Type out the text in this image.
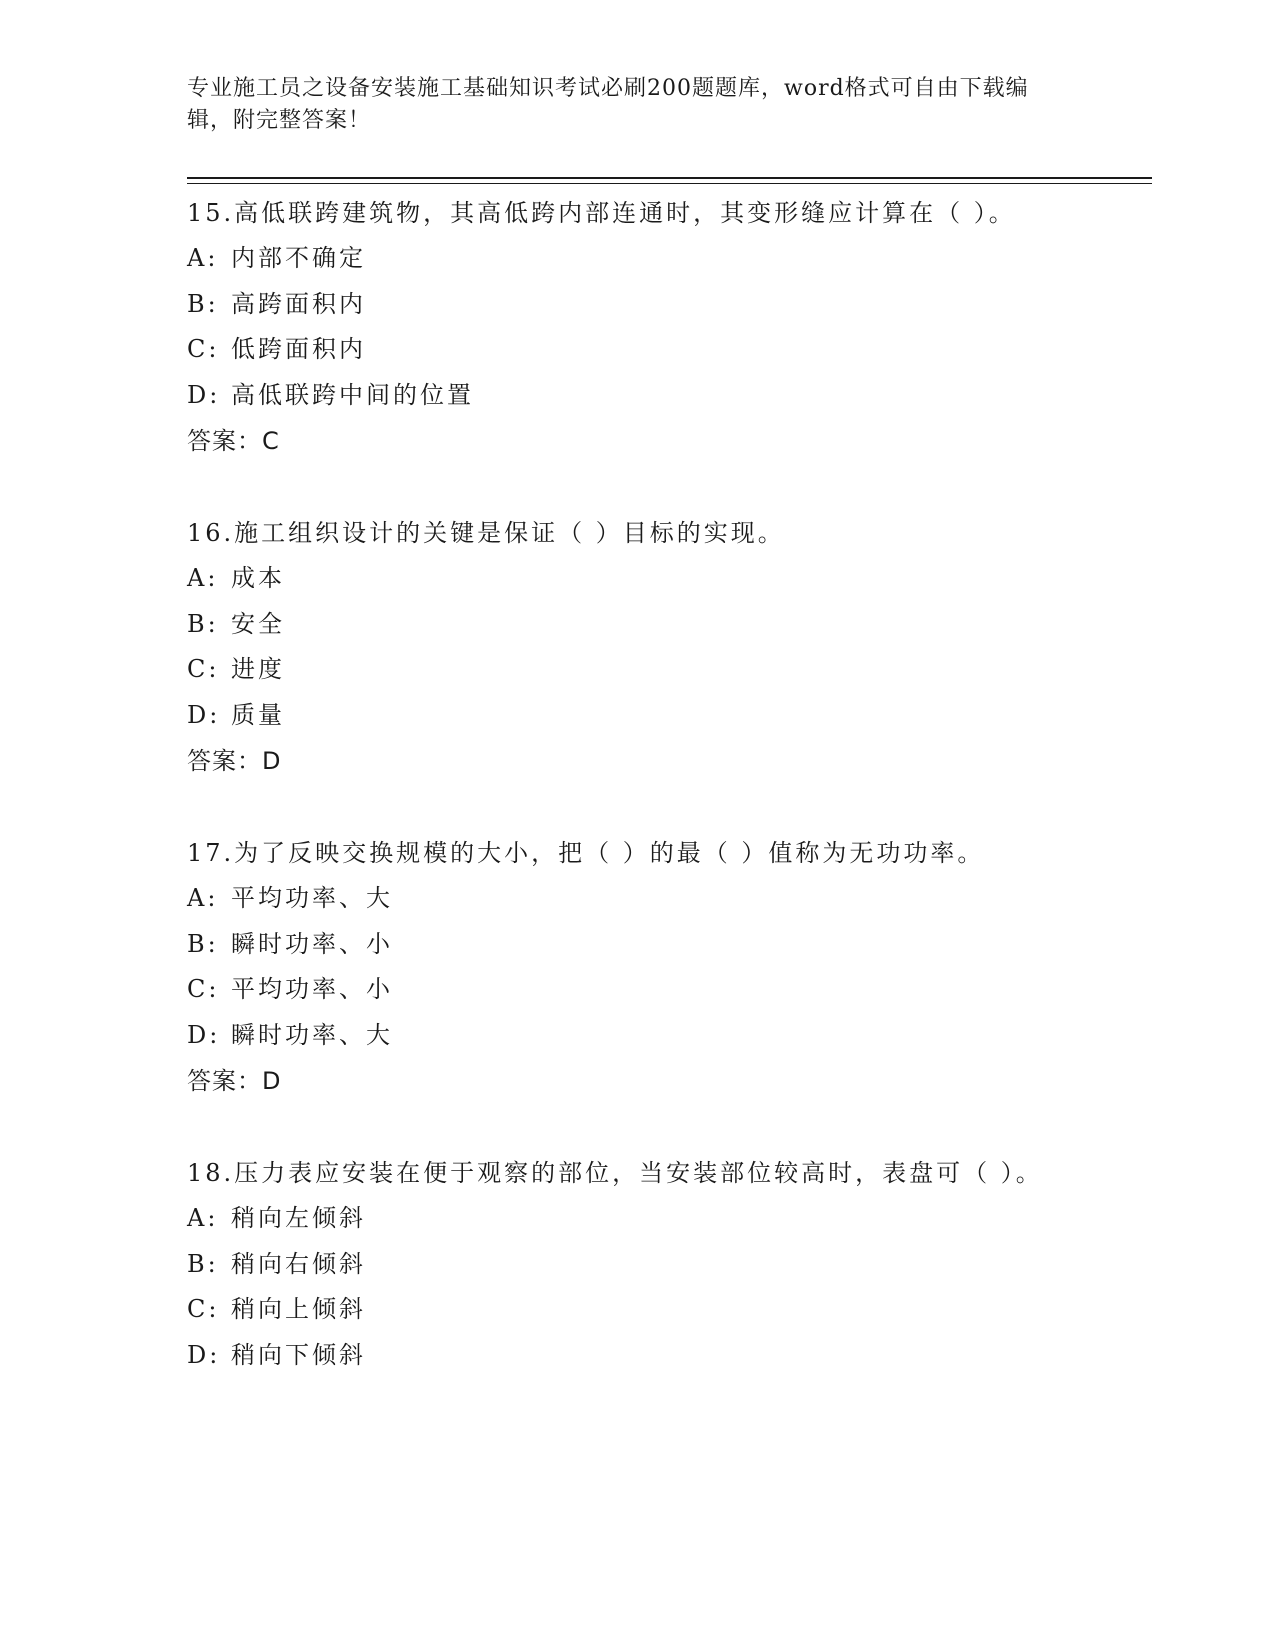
专业施工员之设备安装施工基础知识考试必刷200题题库，word格式可自由下载编辑，附完整答案！
15.高低联跨建筑物，其高低跨内部连通时，其变形缝应计算在（ ）。
A: 内部不确定
B: 高跨面积内
C: 低跨面积内
D: 高低联跨中间的位置
答案：C
16.施工组织设计的关键是保证（ ）目标的实现。
A: 成本
B: 安全
C: 进度
D: 质量
答案：D
17.为了反映交换规模的大小，把（ ）的最（ ）值称为无功功率。
A: 平均功率、大
B: 瞬时功率、小
C: 平均功率、小
D: 瞬时功率、大
答案：D
18.压力表应安装在便于观察的部位，当安装部位较高时，表盘可（ ）。
A: 稍向左倾斜
B: 稍向右倾斜
C: 稍向上倾斜
D: 稍向下倾斜
